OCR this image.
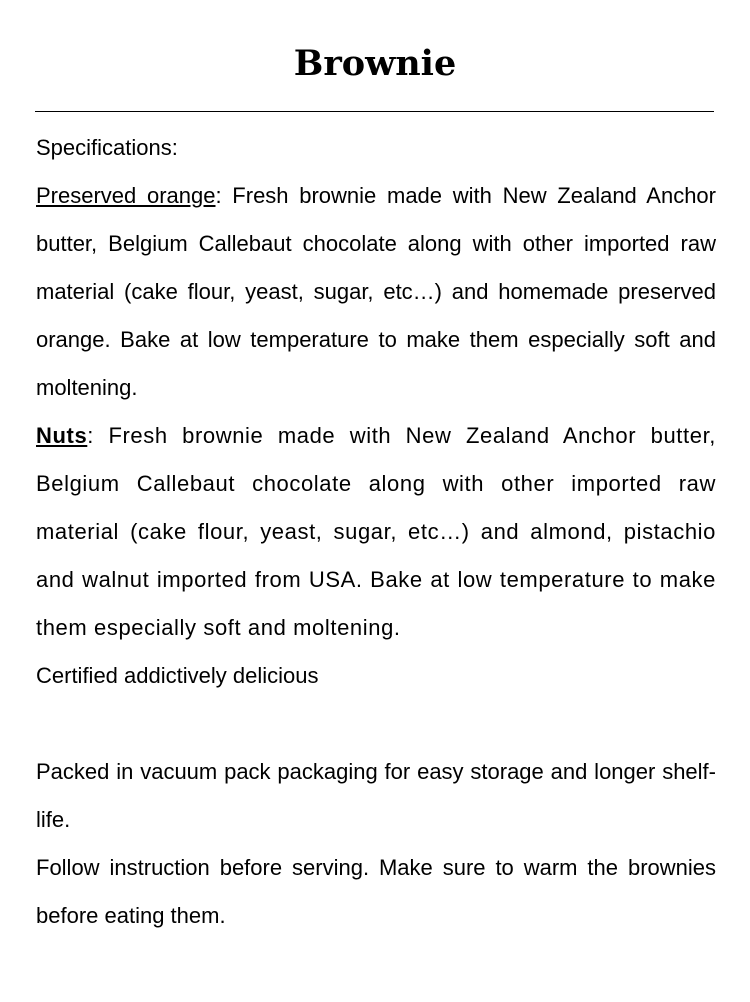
Brownie

Specifications:

Preserved orange: Fresh brownie made with New Zealand Anchor butter, Belgium Callebaut chocolate along with other imported raw material (cake flour, yeast, sugar, etc…) and homemade preserved orange. Bake at low temperature to make them especially soft and moltening.

Nuts: Fresh brownie made with New Zealand Anchor butter, Belgium Callebaut chocolate along with other imported raw material (cake flour, yeast, sugar, etc…) and almond, pistachio and walnut imported from USA. Bake at low temperature to make them especially soft and moltening.

Certified addictively delicious

Packed in vacuum pack packaging for easy storage and longer shelf-life.

Follow instruction before serving. Make sure to warm the brownies before eating them.
